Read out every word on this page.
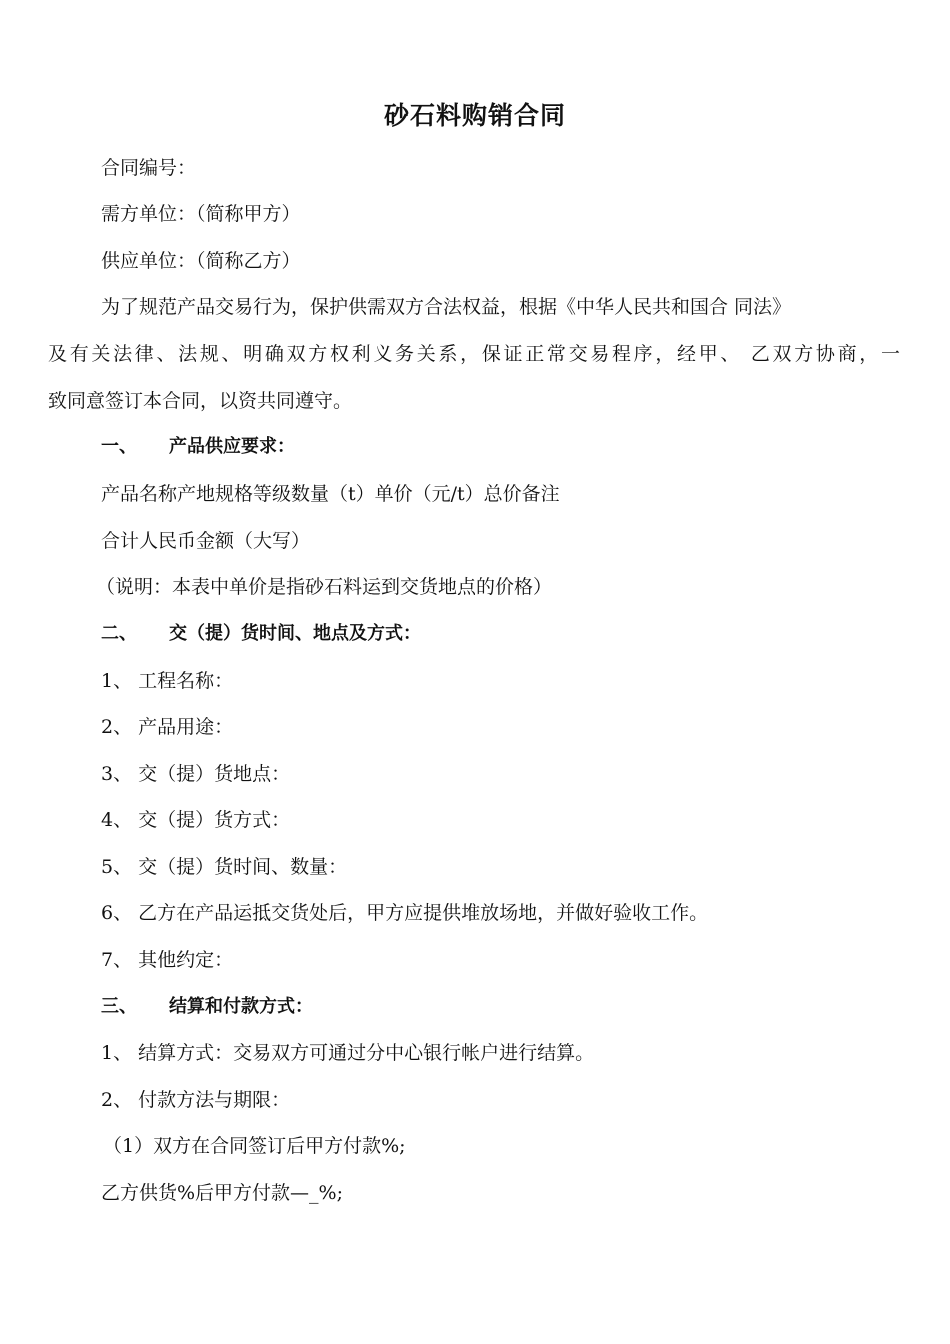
砂石料购销合同
合同编号：
需方单位：（简称甲方）
供应单位：（简称乙方）
为了规范产品交易行为，保护供需双方合法权益，根据《中华人民共和国合 同法》
及有关法律、法规、明确双方权利义务关系，保证正常交易程序，经甲、 乙双方协商，一
致同意签订本合同，以资共同遵守。
一、 产品供应要求：
产品名称产地规格等级数量（t）单价（元/t）总价备注
合计人民币金额（大写）
（说明：本表中单价是指砂石料运到交货地点的价格）
二、 交（提）货时间、地点及方式：
1、 工程名称：
2、 产品用途：
3、 交（提）货地点：
4、 交（提）货方式：
5、 交（提）货时间、数量：
6、 乙方在产品运抵交货处后，甲方应提供堆放场地，并做好验收工作。
7、 其他约定：
三、 结算和付款方式：
1、 结算方式：交易双方可通过分中心银行帐户进行结算。
2、 付款方法与期限：
（1）双方在合同签订后甲方付款%;
乙方供货%后甲方付款—_%;
